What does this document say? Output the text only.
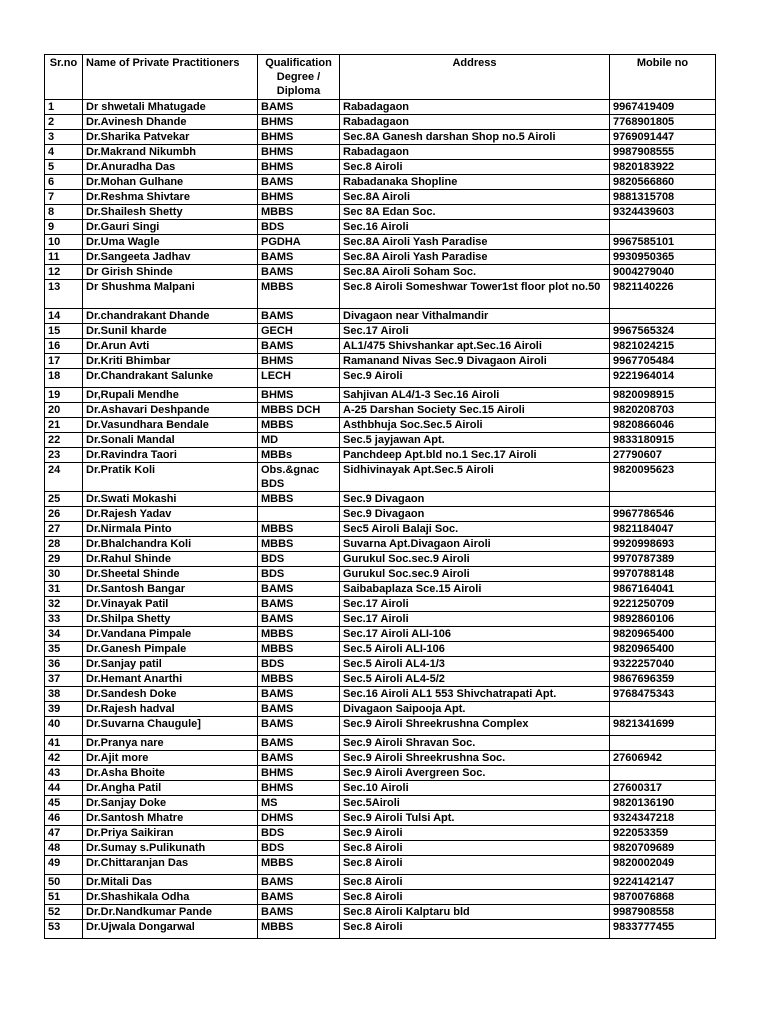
Sr.no	Name of Private Practitioners	Qualification Degree / Diploma	Address	Mobile no
1	Dr shwetali Mhatugade	BAMS	Rabadagaon	9967419409
2	Dr.Avinesh Dhande	BHMS	Rabadagaon	7768901805
3	Dr.Sharika Patvekar	BHMS	Sec.8A Ganesh darshan Shop no.5 Airoli	9769091447
4	Dr.Makrand Nikumbh	BHMS	Rabadagaon	9987908555
5	Dr.Anuradha Das	BHMS	Sec.8 Airoli	9820183922
6	Dr.Mohan Gulhane	BAMS	Rabadanaka Shopline	9820566860
7	Dr.Reshma Shivtare	BHMS	Sec.8A Airoli	9881315708
8	Dr.Shailesh Shetty	MBBS	Sec 8A Edan Soc.	9324439603
9	Dr.Gauri Singi	BDS	Sec.16 Airoli	
10	Dr.Uma Wagle	PGDHA	Sec.8A Airoli Yash Paradise	9967585101
11	Dr.Sangeeta Jadhav	BAMS	Sec.8A Airoli Yash Paradise	9930950365
12	Dr Girish Shinde	BAMS	Sec.8A Airoli Soham Soc.	9004279040
13	Dr Shushma Malpani	MBBS	Sec.8 Airoli Someshwar Tower1st floor plot no.50	9821140226
14	Dr.chandrakant Dhande	BAMS	Divagaon near Vithalmandir	
15	Dr.Sunil kharde	GECH	Sec.17 Airoli	9967565324
16	Dr.Arun Avti	BAMS	AL1/475 Shivshankar apt.Sec.16 Airoli	9821024215
17	Dr.Kriti Bhimbar	BHMS	Ramanand Nivas Sec.9 Divagaon Airoli	9967705484
18	Dr.Chandrakant Salunke	LECH	Sec.9 Airoli	9221964014
19	Dr,Rupali Mendhe	BHMS	Sahjivan AL4/1-3 Sec.16 Airoli	9820098915
20	Dr.Ashavari Deshpande	MBBS DCH	A-25 Darshan Society Sec.15 Airoli	9820208703
21	Dr.Vasundhara Bendale	MBBS	Asthbhuja Soc.Sec.5 Airoli	9820866046
22	Dr.Sonali Mandal	MD	Sec.5 jayjawan Apt.	9833180915
23	Dr.Ravindra Taori	MBBs	Panchdeep Apt.bld no.1 Sec.17 Airoli	27790607
24	Dr.Pratik Koli	Obs.&gnac BDS	Sidhivinayak Apt.Sec.5 Airoli	9820095623
25	Dr.Swati Mokashi	MBBS	Sec.9 Divagaon	
26	Dr.Rajesh Yadav		Sec.9 Divagaon	9967786546
27	Dr.Nirmala Pinto	MBBS	Sec5 Airoli Balaji Soc.	9821184047
28	Dr.Bhalchandra Koli	MBBS	Suvarna Apt.Divagaon Airoli	9920998693
29	Dr.Rahul Shinde	BDS	Gurukul Soc.sec.9 Airoli	9970787389
30	Dr.Sheetal Shinde	BDS	Gurukul Soc.sec.9 Airoli	9970788148
31	Dr.Santosh Bangar	BAMS	Saibabaplaza Sce.15 Airoli	9867164041
32	Dr.Vinayak Patil	BAMS	Sec.17 Airoli	9221250709
33	Dr.Shilpa Shetty	BAMS	Sec.17 Airoli	9892860106
34	Dr.Vandana Pimpale	MBBS	Sec.17 Airoli ALI-106	9820965400
35	Dr.Ganesh Pimpale	MBBS	Sec.5 Airoli ALI-106	9820965400
36	Dr.Sanjay patil	BDS	Sec.5 Airoli AL4-1/3	9322257040
37	Dr.Hemant Anarthi	MBBS	Sec.5 Airoli AL4-5/2	9867696359
38	Dr.Sandesh Doke	BAMS	Sec.16 Airoli AL1 553 Shivchatrapati Apt.	9768475343
39	Dr.Rajesh hadval	BAMS	Divagaon Saipooja Apt.	
40	Dr.Suvarna Chaugule]	BAMS	Sec.9 Airoli Shreekrushna Complex	9821341699
41	Dr.Pranya nare	BAMS	Sec.9 Airoli Shravan Soc.	
42	Dr.Ajit more	BAMS	Sec.9 Airoli Shreekrushna Soc.	27606942
43	Dr.Asha Bhoite	BHMS	Sec.9 Airoli Avergreen Soc.	
44	Dr.Angha Patil	BHMS	Sec.10 Airoli	27600317
45	Dr.Sanjay Doke	MS	Sec.5Airoli	9820136190
46	Dr.Santosh Mhatre	DHMS	Sec.9 Airoli Tulsi Apt.	9324347218
47	Dr.Priya Saikiran	BDS	Sec.9 Airoli	922053359
48	Dr.Sumay s.Pulikunath	BDS	Sec.8 Airoli	9820709689
49	Dr.Chittaranjan Das	MBBS	Sec.8 Airoli	9820002049
50	Dr.Mitali Das	BAMS	Sec.8 Airoli	9224142147
51	Dr.Shashikala Odha	BAMS	Sec.8 Airoli	9870076868
52	Dr.Dr.Nandkumar Pande	BAMS	Sec.8 Airoli Kalptaru bld	9987908558
53	Dr.Ujwala Dongarwal	MBBS	Sec.8 Airoli	9833777455
